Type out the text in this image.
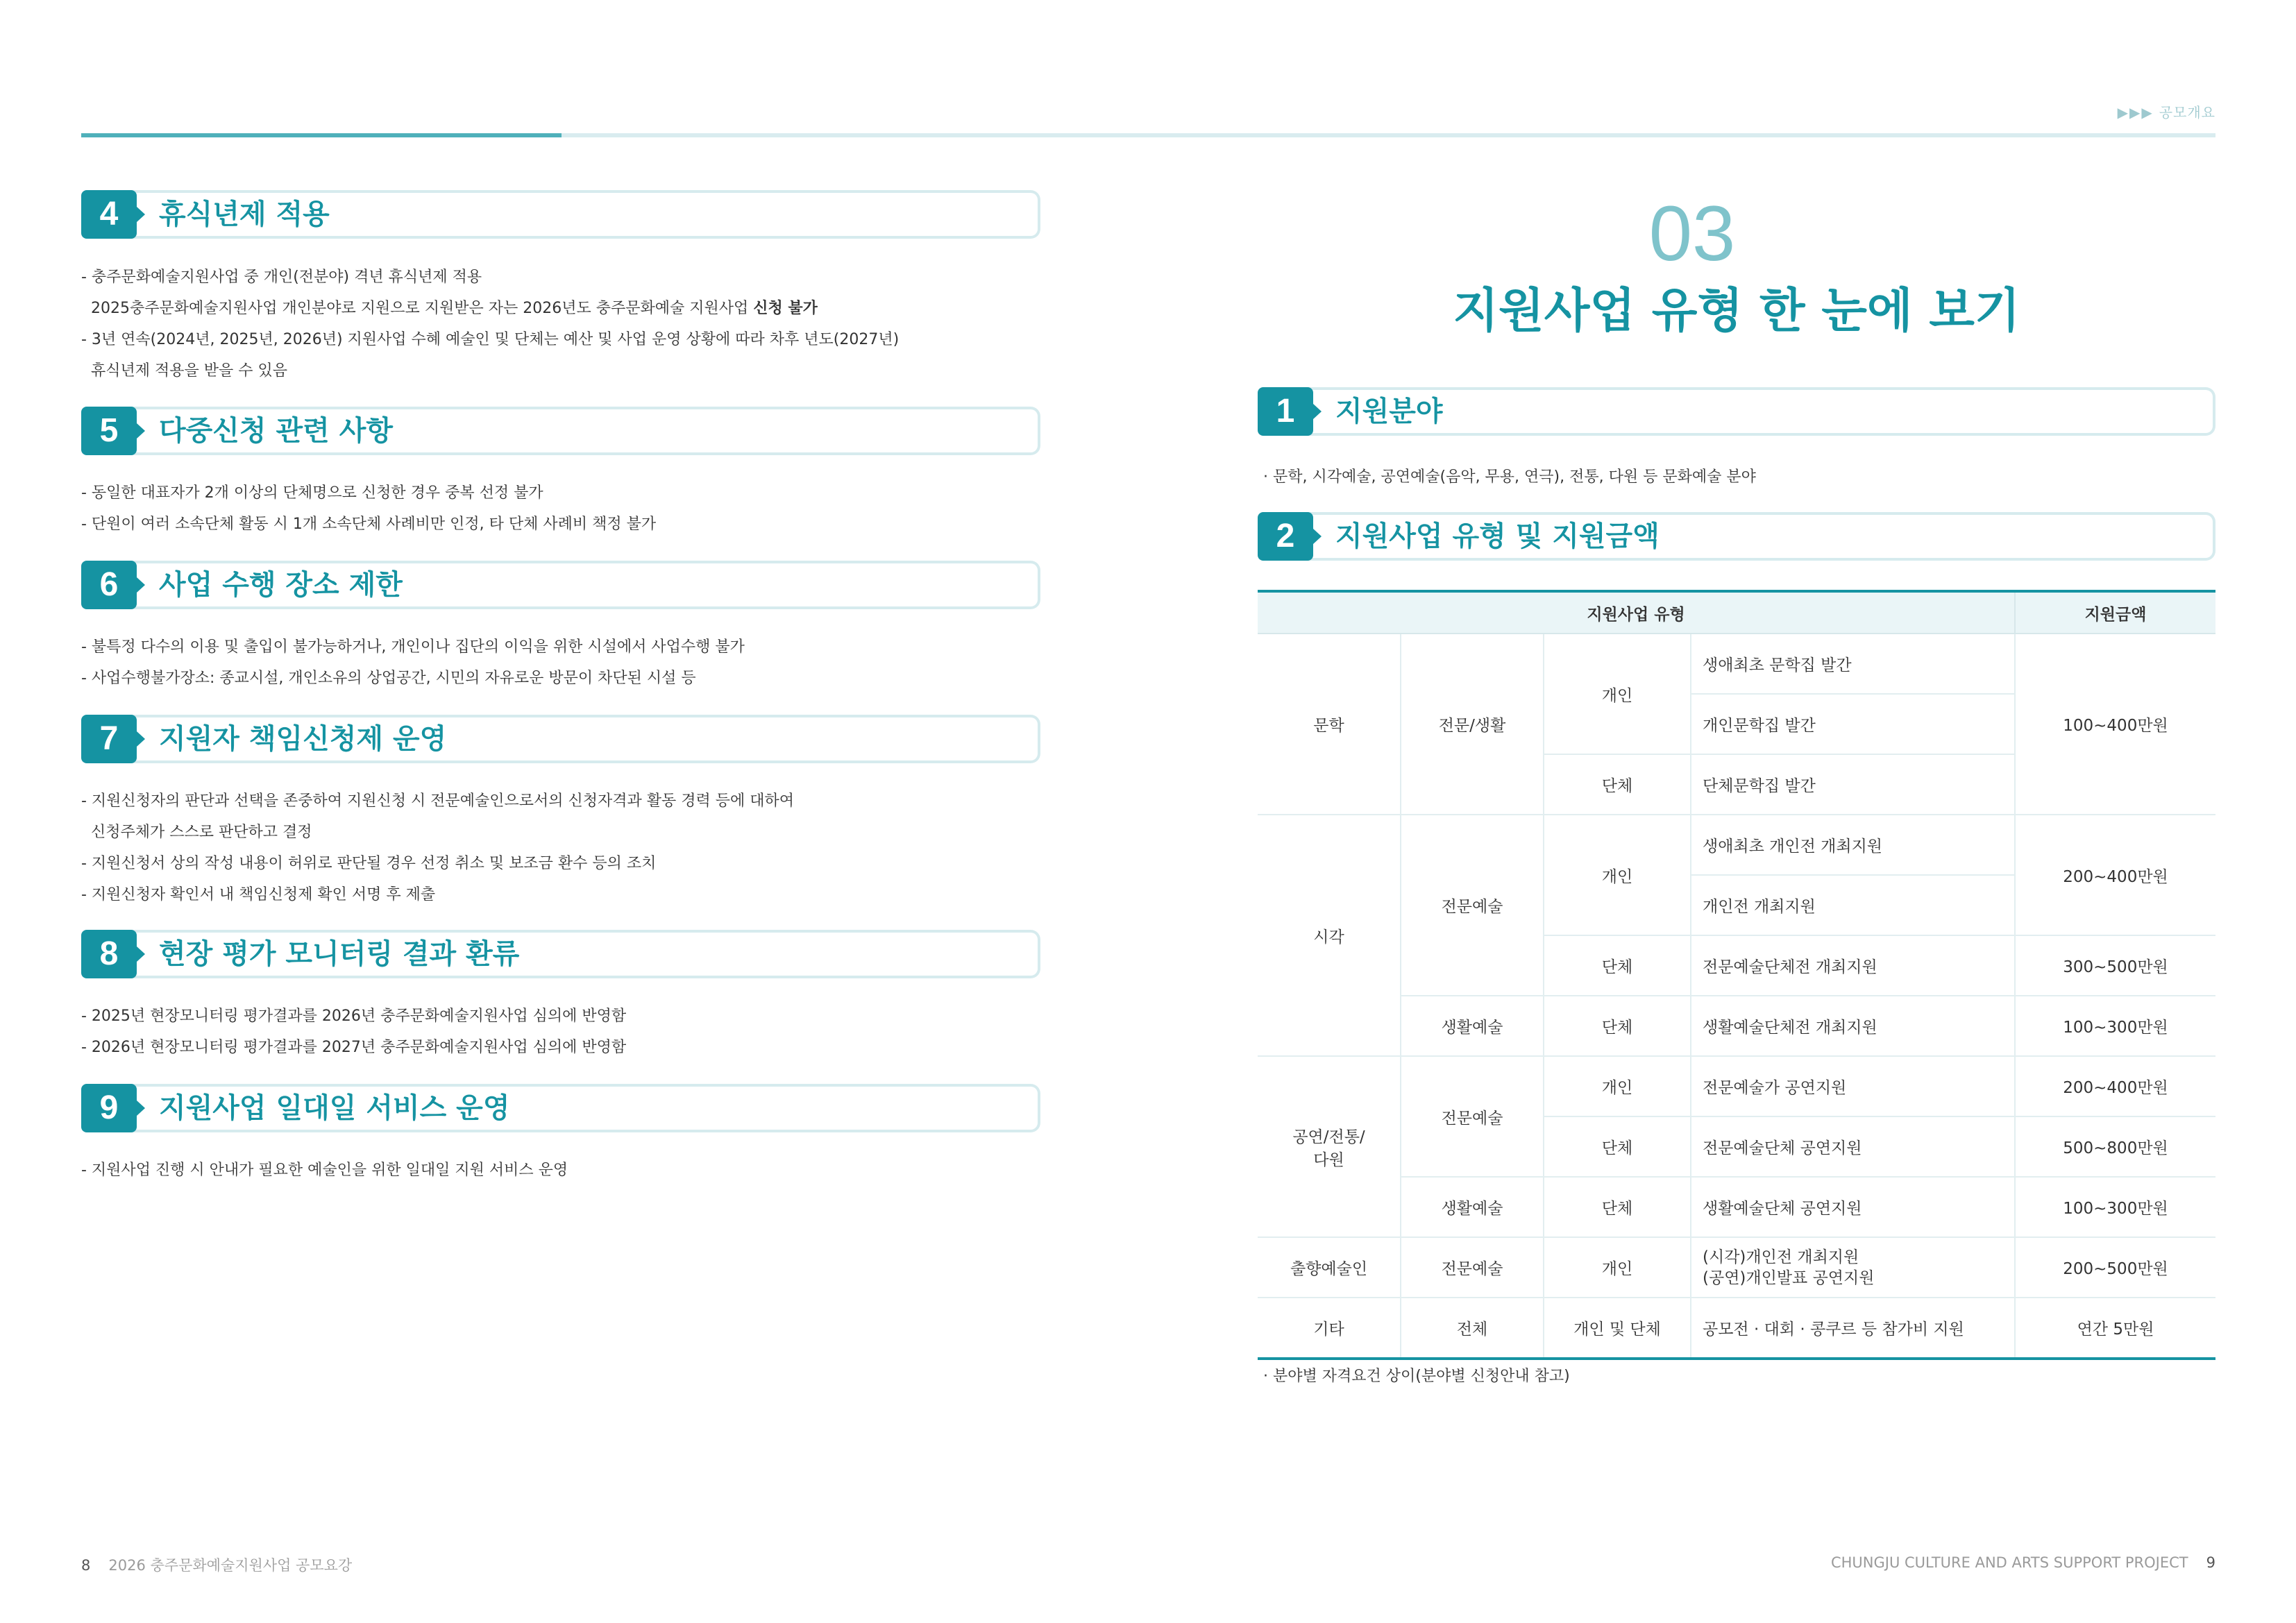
▶▶▶ 공모개요
4	휴식년제 적용
- 충주문화예술지원사업 중 개인(전분야) 격년 휴식년제 적용
2025충주문화예술지원사업 개인분야로 지원으로 지원받은 자는 2026년도 충주문화예술 지원사업 신청 불가
- 3년 연속(2024년, 2025년, 2026년) 지원사업 수혜 예술인 및 단체는 예산 및 사업 운영 상황에 따라 차후 년도(2027년)
휴식년제 적용을 받을 수 있음
5	다중신청 관련 사항
- 동일한 대표자가 2개 이상의 단체명으로 신청한 경우 중복 선정 불가
- 단원이 여러 소속단체 활동 시 1개 소속단체 사례비만 인정, 타 단체 사례비 책정 불가
6	사업 수행 장소 제한
- 불특정 다수의 이용 및 출입이 불가능하거나, 개인이나 집단의 이익을 위한 시설에서 사업수행 불가
- 사업수행불가장소: 종교시설, 개인소유의 상업공간, 시민의 자유로운 방문이 차단된 시설 등
7	지원자 책임신청제 운영
- 지원신청자의 판단과 선택을 존중하여 지원신청 시 전문예술인으로서의 신청자격과 활동 경력 등에 대하여
신청주체가 스스로 판단하고 결정
- 지원신청서 상의 작성 내용이 허위로 판단될 경우 선정 취소 및 보조금 환수 등의 조치
- 지원신청자 확인서 내 책임신청제 확인 서명 후 제출
8	현장 평가 모니터링 결과 환류
- 2025년 현장모니터링 평가결과를 2026년 충주문화예술지원사업 심의에 반영함
- 2026년 현장모니터링 평가결과를 2027년 충주문화예술지원사업 심의에 반영함
9	지원사업 일대일 서비스 운영
- 지원사업 진행 시 안내가 필요한 예술인을 위한 일대일 지원 서비스 운영
03
지원사업 유형 한 눈에 보기
1	지원분야
· 문학, 시각예술, 공연예술(음악, 무용, 연극), 전통, 다원 등 문화예술 분야
2	지원사업 유형 및 지원금액
지원사업 유형				지원금액
문학	전문/생활	개인	생애최초 문학집 발간	100~400만원
			개인문학집 발간	
		단체	단체문학집 발간	
시각	전문예술	개인	생애최초 개인전 개최지원	200~400만원
			개인전 개최지원	
		단체	전문예술단체전 개최지원	300~500만원
	생활예술	단체	생활예술단체전 개최지원	100~300만원
공연/전통/
다원	전문예술	개인	전문예술가 공연지원	200~400만원
		단체	전문예술단체 공연지원	500~800만원
	생활예술	단체	생활예술단체 공연지원	100~300만원
출향예술인	전문예술	개인	(시각)개인전 개최지원
(공연)개인발표 공연지원	200~500만원
기타	전체	개인 및 단체	공모전 · 대회 · 콩쿠르 등 참가비 지원	연간 5만원
· 분야별 자격요건 상이(분야별 신청안내 참고)
8 2026 충주문화예술지원사업 공모요강	CHUNGJU CULTURE AND ARTS SUPPORT PROJECT 9
